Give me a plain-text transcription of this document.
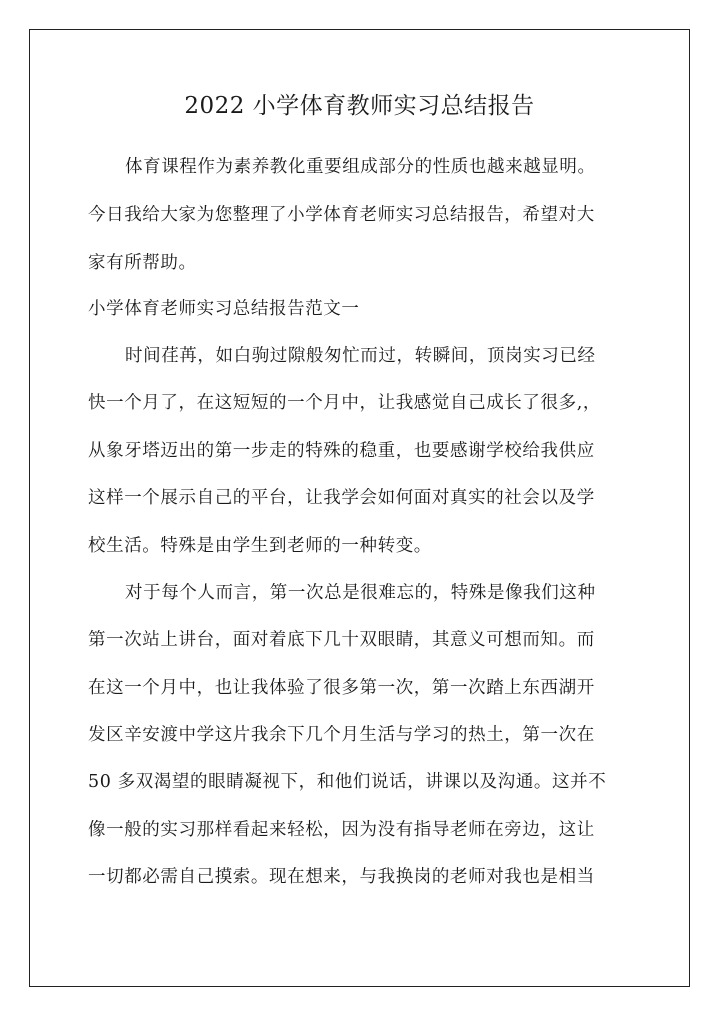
2022 小学体育教师实习总结报告
体育课程作为素养教化重要组成部分的性质也越来越显明。
今日我给大家为您整理了小学体育老师实习总结报告，希望对大
家有所帮助。
小学体育老师实习总结报告范文一
时间荏苒，如白驹过隙般匆忙而过，转瞬间，顶岗实习已经
快一个月了，在这短短的一个月中，让我感觉自己成长了很多,，
从象牙塔迈出的第一步走的特殊的稳重，也要感谢学校给我供应
这样一个展示自己的平台，让我学会如何面对真实的社会以及学
校生活。特殊是由学生到老师的一种转变。
对于每个人而言，第一次总是很难忘的，特殊是像我们这种
第一次站上讲台，面对着底下几十双眼睛，其意义可想而知。而
在这一个月中，也让我体验了很多第一次，第一次踏上东西湖开
发区辛安渡中学这片我余下几个月生活与学习的热土，第一次在
50 多双渴望的眼睛凝视下，和他们说话，讲课以及沟通。这并不
像一般的实习那样看起来轻松，因为没有指导老师在旁边，这让
一切都必需自己摸索。现在想来，与我换岗的老师对我也是相当
